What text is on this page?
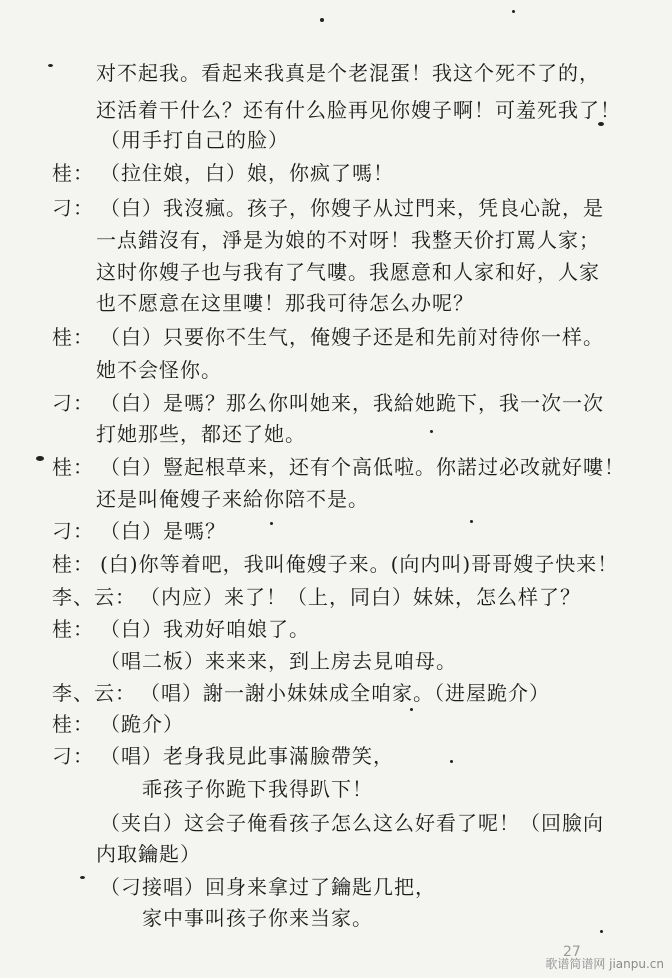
对不起我。看起来我真是个老混蛋！我这个死不了的，
还活着干什么？还有什么脸再见你嫂子啊！可羞死我了！
（用手打自己的脸）
桂： （拉住娘，白）娘，你疯了嗎！
刁： （白）我沒瘋。孩子，你嫂子从过門来，凭良心說，是
一点錯沒有，淨是为娘的不对呀！我整天价打罵人家；
这时你嫂子也与我有了气嘍。我愿意和人家和好，人家
也不愿意在这里嘍！那我可待怎么办呢？
桂： （白）只要你不生气，俺嫂子还是和先前对待你一样。
她不会怪你。
刁： （白）是嗎？那么你叫她来，我給她跪下，我一次一次
打她那些，都还了她。
桂： （白）豎起根草来，还有个高低啦。你諾过必改就好嘍！
还是叫俺嫂子来給你陪不是。
刁： （白）是嗎？
桂： (白)你等着吧，我叫俺嫂子来。(向内叫)哥哥嫂子快来！
李、云： （内应）来了！（上，同白）妹妹，怎么样了？
桂： （白）我劝好咱娘了。
（唱二板）来来来，到上房去見咱母。
李、云： （唱）謝一謝小妹妹成全咱家。（进屋跪介）
桂： （跪介）
刁： （唱）老身我見此事滿臉帶笑，
乖孩子你跪下我得趴下！
（夹白）这会子俺看孩子怎么这么好看了呢！（回臉向
内取鑰匙）
（刁接唱）回身来拿过了鑰匙几把，
家中事叫孩子你来当家。
27
歌谱简谱网 jianpu.cn
